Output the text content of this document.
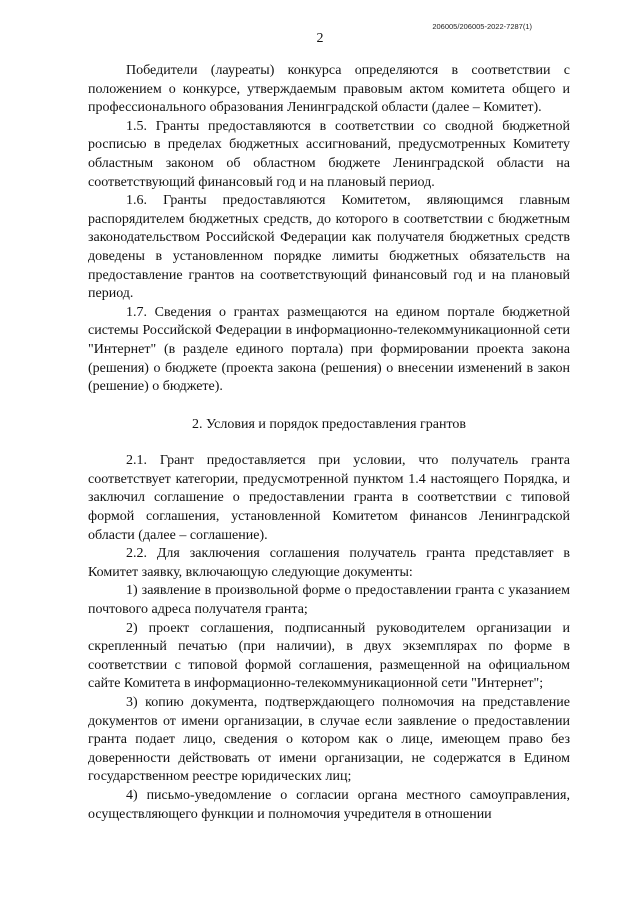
206005/206005-2022-7287(1)
2

Победители (лауреаты) конкурса определяются в соответствии с положением о конкурсе, утверждаемым правовым актом комитета общего и профессионального образования Ленинградской области (далее – Комитет).

1.5. Гранты предоставляются в соответствии со сводной бюджетной росписью в пределах бюджетных ассигнований, предусмотренных Комитету областным законом об областном бюджете Ленинградской области на соответствующий финансовый год и на плановый период.

1.6. Гранты предоставляются Комитетом, являющимся главным распорядителем бюджетных средств, до которого в соответствии с бюджетным законодательством Российской Федерации как получателя бюджетных средств доведены в установленном порядке лимиты бюджетных обязательств на предоставление грантов на соответствующий финансовый год и на плановый период.

1.7. Сведения о грантах размещаются на едином портале бюджетной системы Российской Федерации в информационно-телекоммуникационной сети "Интернет" (в разделе единого портала) при формировании проекта закона (решения) о бюджете (проекта закона (решения) о внесении изменений в закон (решение) о бюджете).

2. Условия и порядок предоставления грантов

2.1. Грант предоставляется при условии, что получатель гранта соответствует категории, предусмотренной пунктом 1.4 настоящего Порядка, и заключил соглашение о предоставлении гранта в соответствии с типовой формой соглашения, установленной Комитетом финансов Ленинградской области (далее – соглашение).

2.2. Для заключения соглашения получатель гранта представляет в Комитет заявку, включающую следующие документы:

1) заявление в произвольной форме о предоставлении гранта с указанием почтового адреса получателя гранта;

2) проект соглашения, подписанный руководителем организации и скрепленный печатью (при наличии), в двух экземплярах по форме в соответствии с типовой формой соглашения, размещенной на официальном сайте Комитета в информационно-телекоммуникационной сети "Интернет";

3) копию документа, подтверждающего полномочия на представление документов от имени организации, в случае если заявление о предоставлении гранта подает лицо, сведения о котором как о лице, имеющем право без доверенности действовать от имени организации, не содержатся в Едином государственном реестре юридических лиц;

4) письмо-уведомление о согласии органа местного самоуправления, осуществляющего функции и полномочия учредителя в отношении
